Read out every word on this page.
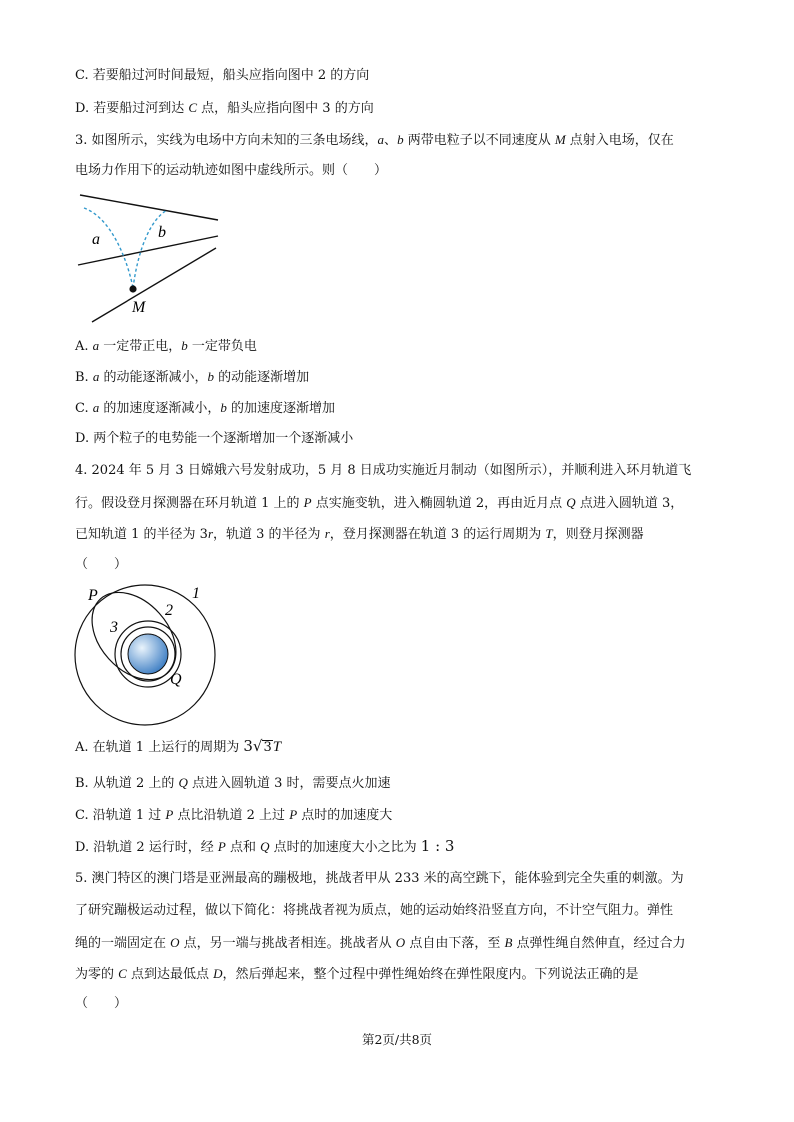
C. 若要船过河时间最短，船头应指向图中 2 的方向
D. 若要船过河到达 C 点，船头应指向图中 3 的方向
3. 如图所示，实线为电场中方向未知的三条电场线，a、b 两带电粒子以不同速度从 M 点射入电场，仅在
电场力作用下的运动轨迹如图中虚线所示。则（　　）
a	b
M
A. a 一定带正电，b 一定带负电
B. a 的动能逐渐减小，b 的动能逐渐增加
C. a 的加速度逐渐减小，b 的加速度逐渐增加
D. 两个粒子的电势能一个逐渐增加一个逐渐减小
4. 2024 年 5 月 3 日嫦娥六号发射成功，5 月 8 日成功实施近月制动（如图所示），并顺利进入环月轨道飞
行。假设登月探测器在环月轨道 1 上的 P 点实施变轨，进入椭圆轨道 2，再由近月点 Q 点进入圆轨道 3，
已知轨道 1 的半径为 3r，轨道 3 的半径为 r，登月探测器在轨道 3 的运行周期为 T，则登月探测器
（　　）
P	1
2
3
Q
A. 在轨道 1 上运行的周期为 3√3T
B. 从轨道 2 上的 Q 点进入圆轨道 3 时，需要点火加速
C. 沿轨道 1 过 P 点比沿轨道 2 上过 P 点时的加速度大
D. 沿轨道 2 运行时，经 P 点和 Q 点时的加速度大小之比为 1 : 3
5. 澳门特区的澳门塔是亚洲最高的蹦极地，挑战者甲从 233 米的高空跳下，能体验到完全失重的刺激。为
了研究蹦极运动过程，做以下简化：将挑战者视为质点，她的运动始终沿竖直方向，不计空气阻力。弹性
绳的一端固定在 O 点，另一端与挑战者相连。挑战者从 O 点自由下落，至 B 点弹性绳自然伸直，经过合力
为零的 C 点到达最低点 D，然后弹起来，整个过程中弹性绳始终在弹性限度内。下列说法正确的是
（　　）
第2页/共8页
